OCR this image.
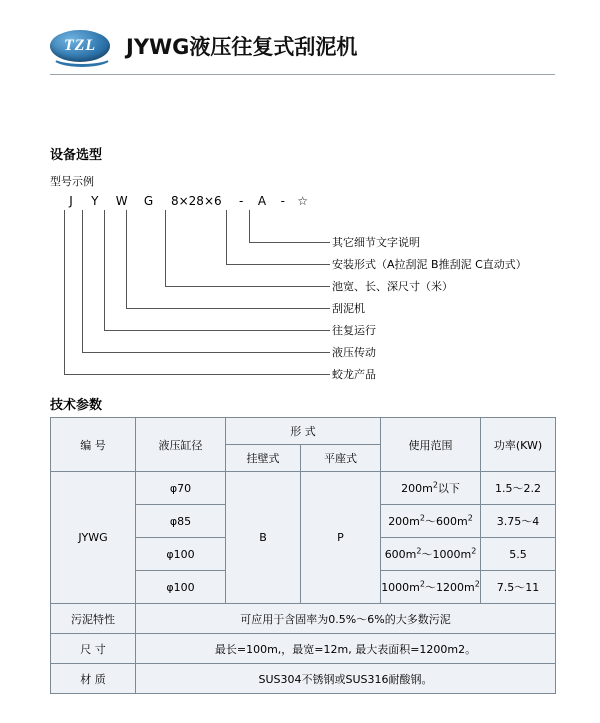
TZL	JYWG液压往复式刮泥机
设备选型
型号示例
J Y W G 8×28×6 - A - ☆
其它细节文字说明
安装形式（A拉刮泥 B推刮泥 C直动式）
池宽、长、深尺寸（米）
刮泥机
往复运行
液压传动
蛟龙产品
技术参数
编 号	液压缸径	形 式		使用范围	功率(KW)
		挂壁式	平座式		
JYWG	φ70	B	P	$200m^2$以下	1.5～2.2
	φ85			$200m^2\sim 600m^2$	3.75～4
	φ100			$600m^2\sim 1000m^2$	5.5
	φ100			$1000m^2\sim 1200m^2$	7.5～11
污泥特性	可应用于含固率为0.5%～6%的大多数污泥				
尺 寸	最长=100m,，最宽=12m, 最大表面积=1200m2。				
材 质	SUS304不锈钢或SUS316耐酸钢。				
